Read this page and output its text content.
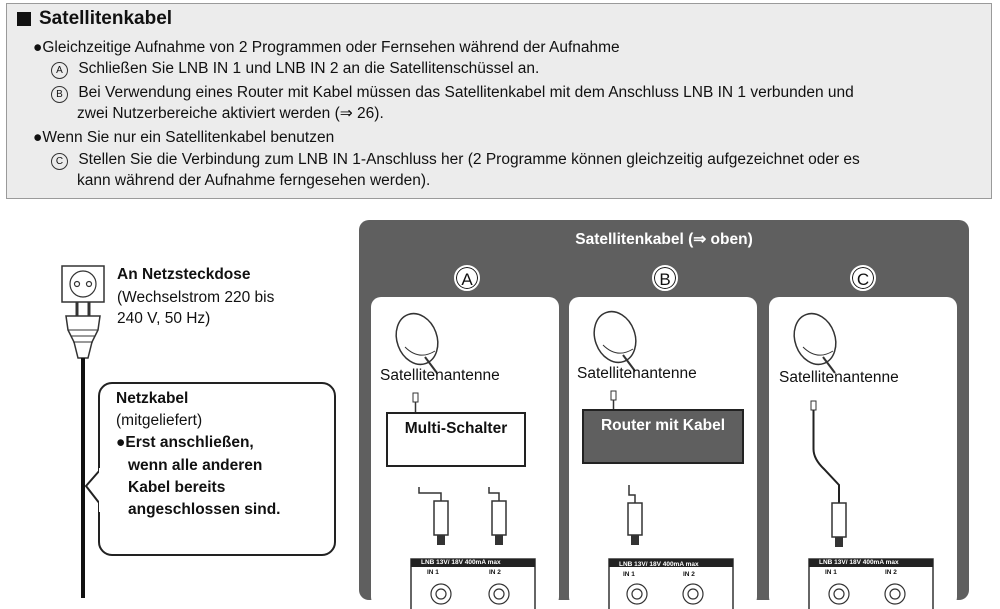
Satellitenkabel
●Gleichzeitige Aufnahme von 2 Programmen oder Fernsehen während der Aufnahme
A Schließen Sie LNB IN 1 und LNB IN 2 an die Satellitenschüssel an.
B Bei Verwendung eines Router mit Kabel müssen das Satellitenkabel mit dem Anschluss LNB IN 1 verbunden und
zwei Nutzerbereiche aktiviert werden (⇒ 26).
●Wenn Sie nur ein Satellitenkabel benutzen
C Stellen Sie die Verbindung zum LNB IN 1-Anschluss her (2 Programme können gleichzeitig aufgezeichnet oder es
kann während der Aufnahme ferngesehen werden).
An Netzsteckdose
(Wechselstrom 220 bis
240 V, 50 Hz)
Netzkabel
(mitgeliefert)
●Erst anschließen,
wenn alle anderen
Kabel bereits
angeschlossen sind.
Satellitenkabel (⇒ oben)
A	B	C
Satellitenantenne
Multi-Schalter
LNB 13V/ 18V 400mA max
IN 1	IN 2
Satellitenantenne
Router mit Kabel
LNB 13V/ 18V 400mA max
IN 1	IN 2
Satellitenantenne
LNB 13V/ 18V 400mA max
IN 1	IN 2
